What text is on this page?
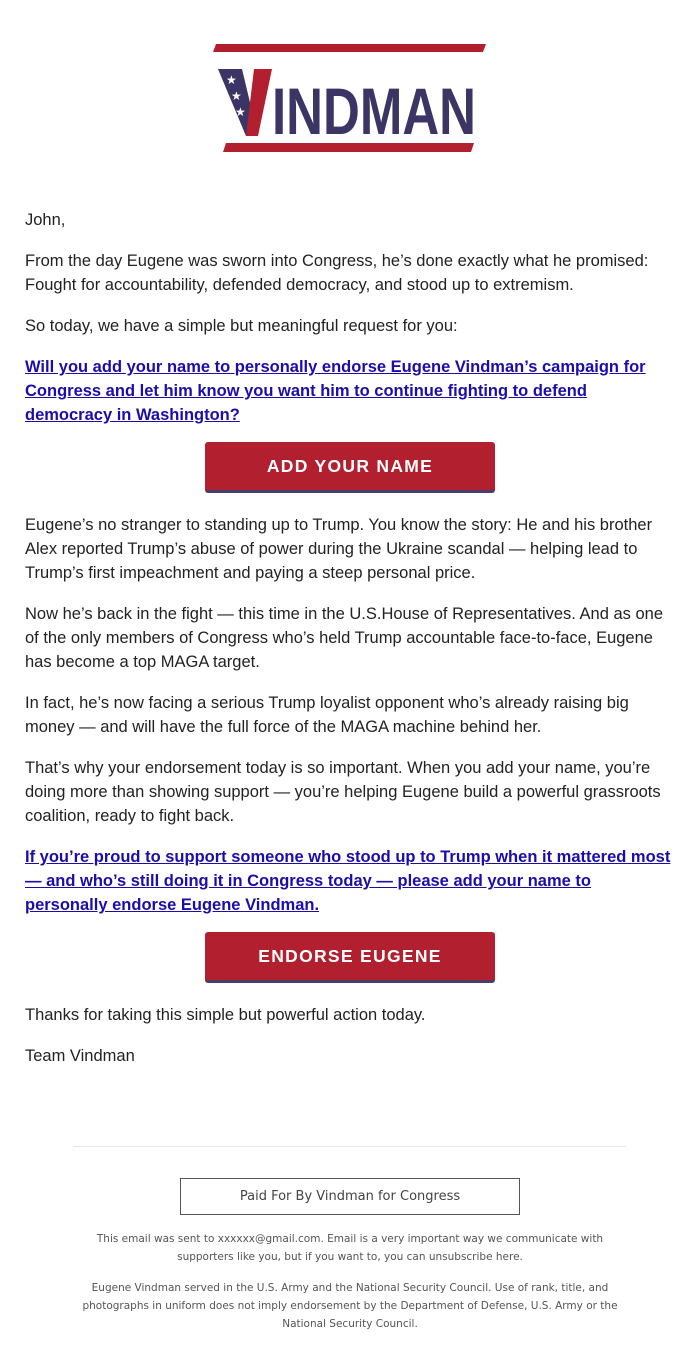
★
★
★ INDMAN

John,

From the day Eugene was sworn into Congress, he’s done exactly what he promised: Fought for accountability, defended democracy, and stood up to extremism.

So today, we have a simple but meaningful request for you:

Will you add your name to personally endorse Eugene Vindman’s campaign for Congress and let him know you want him to continue fighting to defend democracy in Washington?

ADD YOUR NAME

Eugene’s no stranger to standing up to Trump. You know the story: He and his brother Alex reported Trump’s abuse of power during the Ukraine scandal — helping lead to Trump’s first impeachment and paying a steep personal price.

Now he’s back in the fight — this time in the U.S.House of Representatives. And as one of the only members of Congress who’s held Trump accountable face-to-face, Eugene has become a top MAGA target.

In fact, he’s now facing a serious Trump loyalist opponent who’s already raising big money — and will have the full force of the MAGA machine behind her.

That’s why your endorsement today is so important. When you add your name, you’re doing more than showing support — you’re helping Eugene build a powerful grassroots coalition, ready to fight back.

If you’re proud to support someone who stood up to Trump when it mattered most — and who’s still doing it in Congress today — please add your name to personally endorse Eugene Vindman.

ENDORSE EUGENE

Thanks for taking this simple but powerful action today.

Team Vindman

Paid For By Vindman for Congress
This email was sent to xxxxxx@gmail.com. Email is a very important way we communicate with supporters like you, but if you want to, you can unsubscribe here.
Eugene Vindman served in the U.S. Army and the National Security Council. Use of rank, title, and photographs in uniform does not imply endorsement by the Department of Defense, U.S. Army or the National Security Council.
